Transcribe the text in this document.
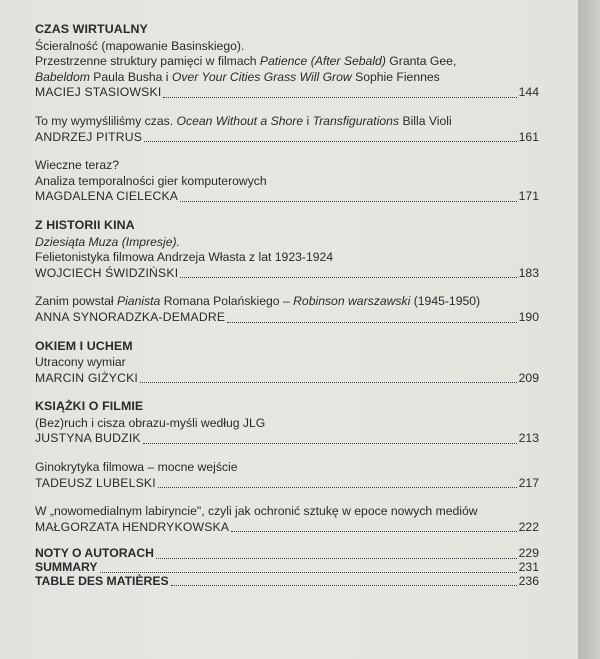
CZAS WIRTUALNY
Ścieralność (mapowanie Basinskiego).
Przestrzenne struktury pamięci w filmach Patience (After Sebald) Granta Gee,
Babeldom Paula Busha i Over Your Cities Grass Will Grow Sophie Fiennes
MACIEJ STASIOWSKI	144
To my wymyśliliśmy czas. Ocean Without a Shore i Transfigurations Billa Violi
ANDRZEJ PITRUS	161
Wieczne teraz?
Analiza temporalności gier komputerowych
MAGDALENA CIELECKA	171
Z HISTORII KINA
Dziesiąta Muza (Impresje).
Felietonistyka filmowa Andrzeja Własta z lat 1923-1924
WOJCIECH ŚWIDZIŃSKI	183
Zanim powstał Pianista Romana Polańskiego – Robinson warszawski (1945-1950)
ANNA SYNORADZKA-DEMADRE	190
OKIEM I UCHEM
Utracony wymiar
MARCIN GIŻYCKI	209
KSIĄŻKI O FILMIE
(Bez)ruch i cisza obrazu-myśli według JLG
JUSTYNA BUDZIK	213
Ginokrytyka filmowa – mocne wejście
TADEUSZ LUBELSKI	217
W „nowomedialnym labiryncie", czyli jak ochronić sztukę w epoce nowych mediów
MAŁGORZATA HENDRYKOWSKA	222
NOTY O AUTORACH	229
SUMMARY	231
TABLE DES MATIÈRES	236
